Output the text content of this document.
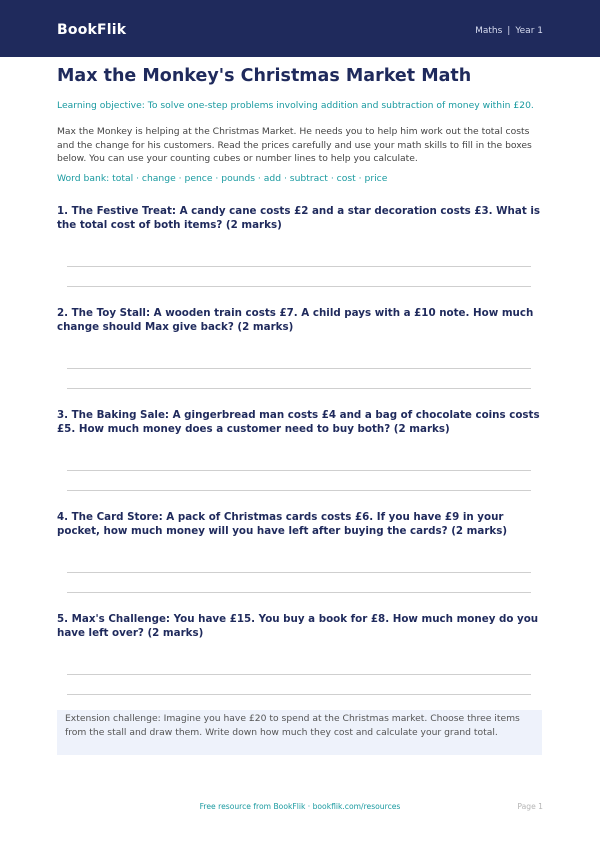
BookFlik	Maths | Year 1
Max the Monkey's Christmas Market Math
Learning objective: To solve one-step problems involving addition and subtraction of money within £20.
Max the Monkey is helping at the Christmas Market. He needs you to help him work out the total costs and the change for his customers. Read the prices carefully and use your math skills to fill in the boxes below. You can use your counting cubes or number lines to help you calculate.
Word bank: total · change · pence · pounds · add · subtract · cost · price
1. The Festive Treat: A candy cane costs £2 and a star decoration costs £3. What is the total cost of both items? (2 marks)
2. The Toy Stall: A wooden train costs £7. A child pays with a £10 note. How much change should Max give back? (2 marks)
3. The Baking Sale: A gingerbread man costs £4 and a bag of chocolate coins costs £5. How much money does a customer need to buy both? (2 marks)
4. The Card Store: A pack of Christmas cards costs £6. If you have £9 in your pocket, how much money will you have left after buying the cards? (2 marks)
5. Max's Challenge: You have £15. You buy a book for £8. How much money do you have left over? (2 marks)
Extension challenge: Imagine you have £20 to spend at the Christmas market. Choose three items from the stall and draw them. Write down how much they cost and calculate your grand total.
Free resource from BookFlik · bookflik.com/resources	Page 1
